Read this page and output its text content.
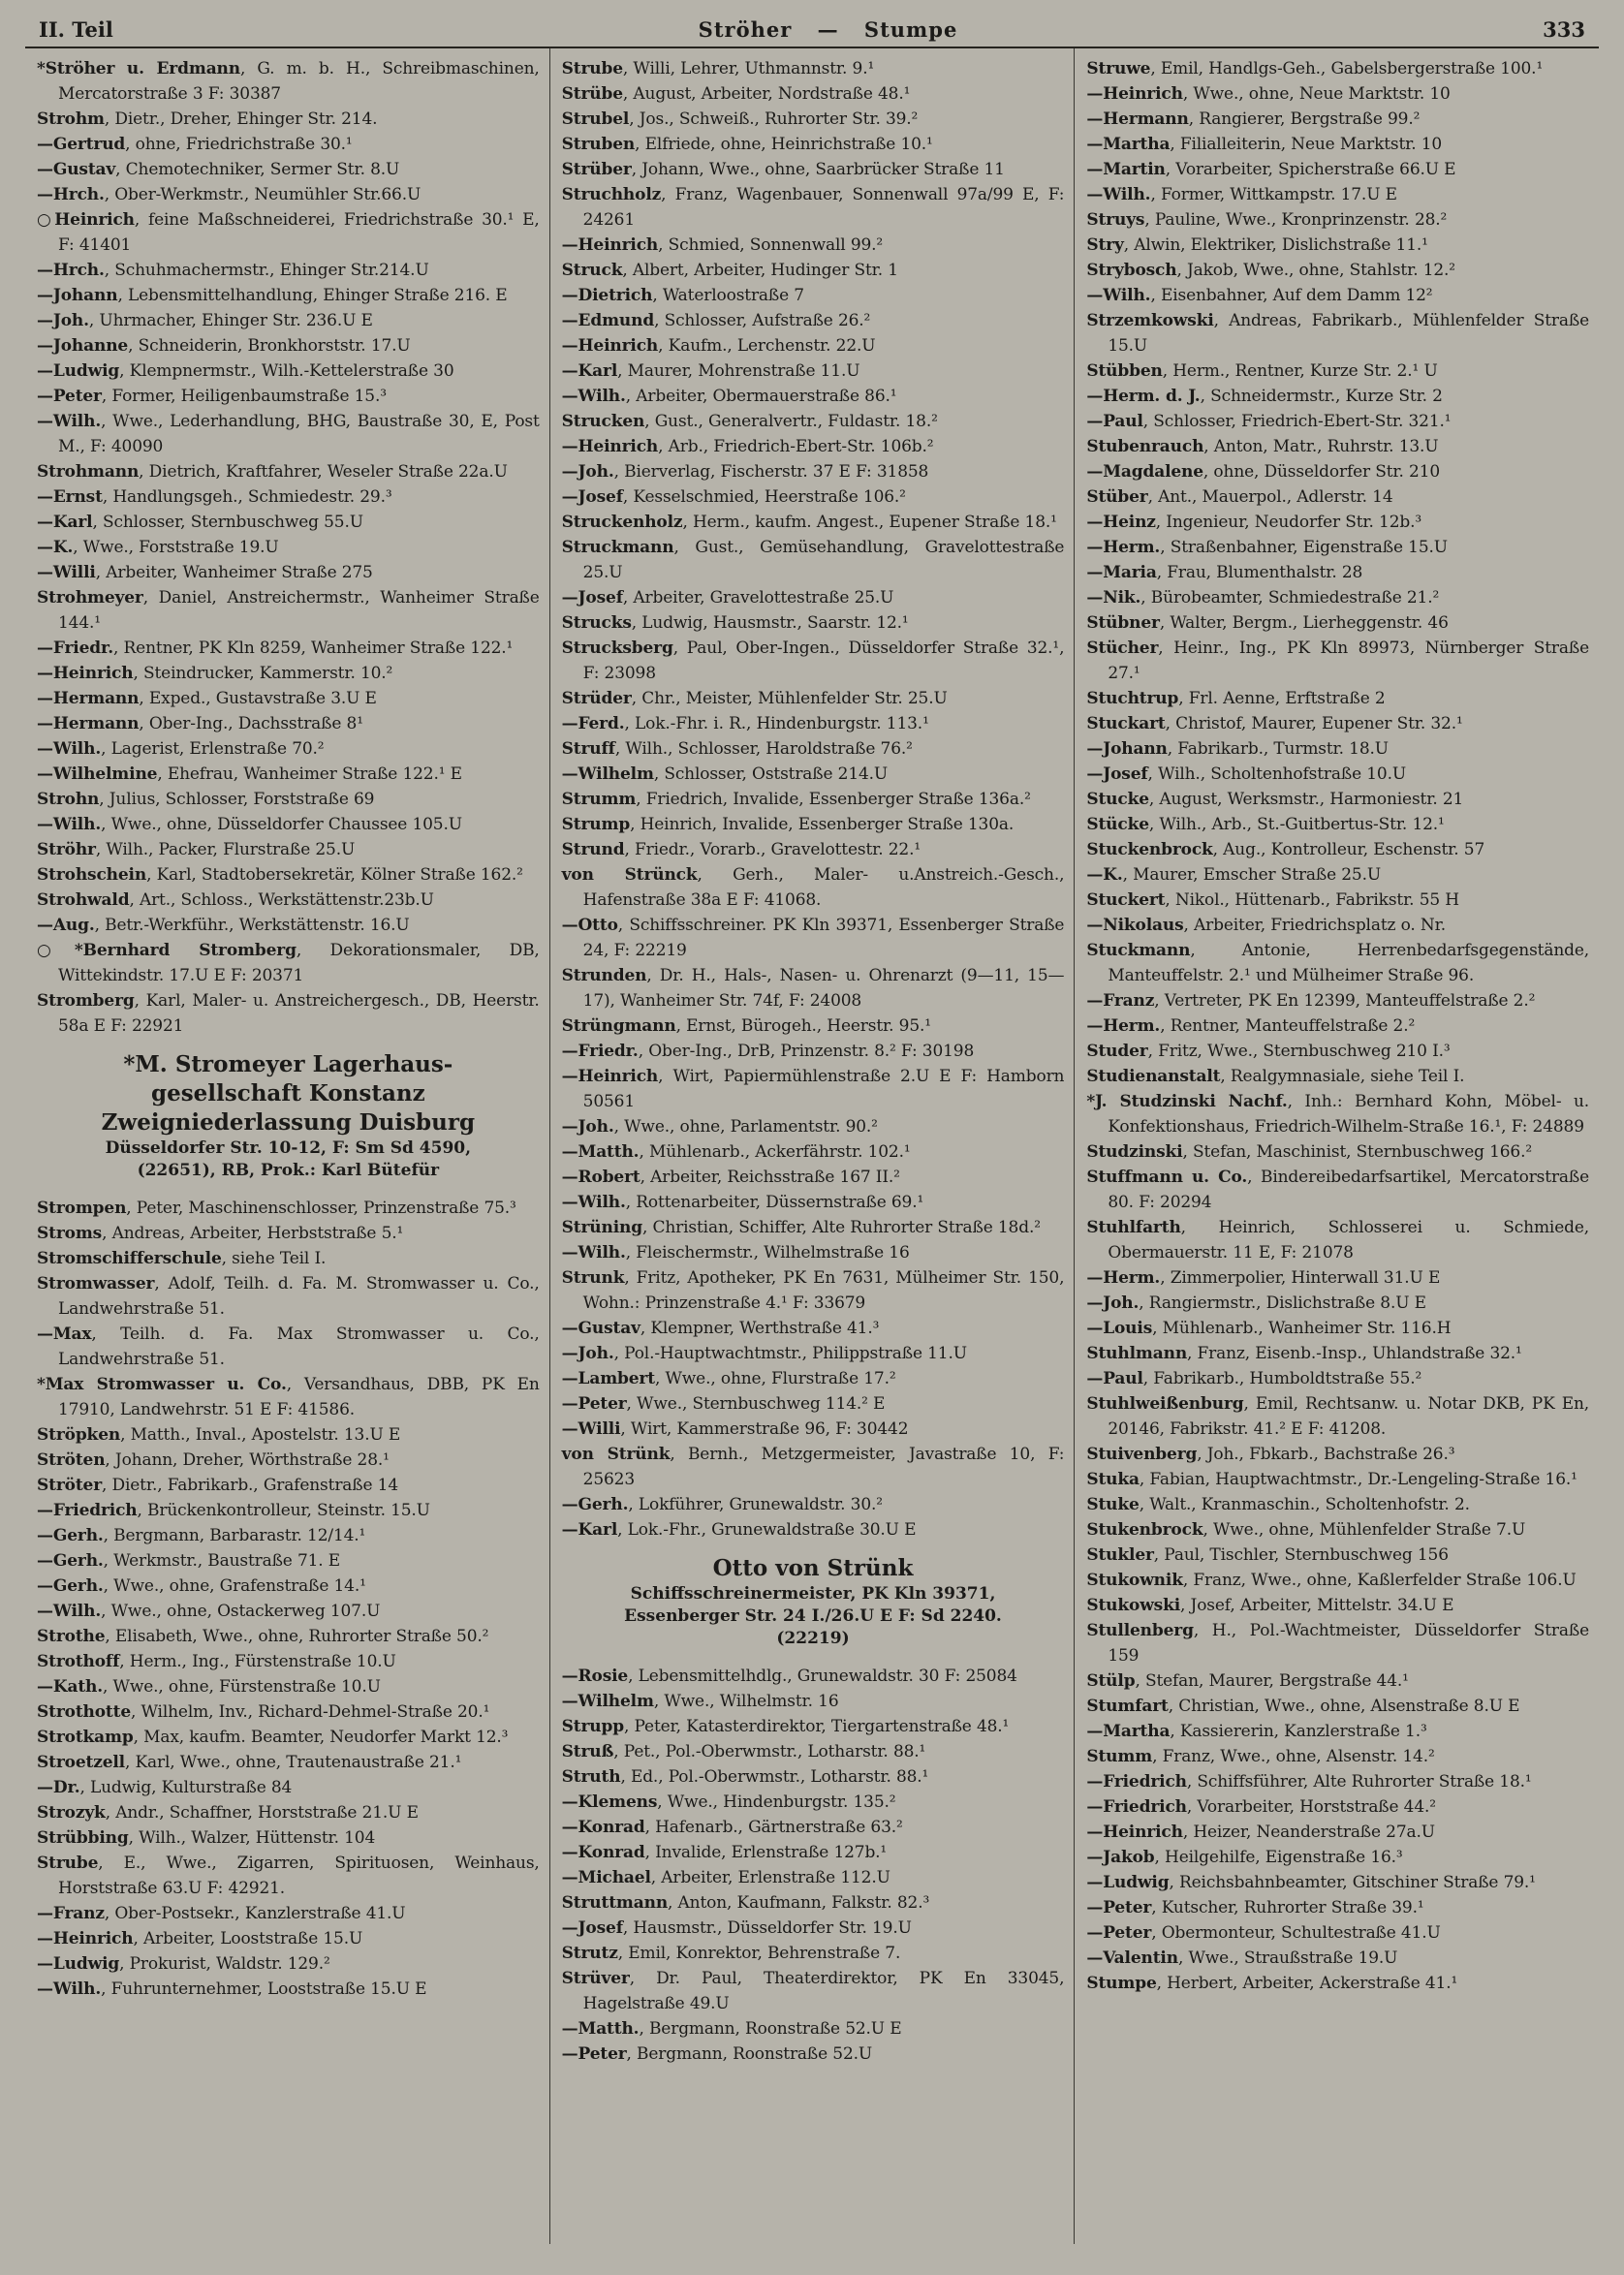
II. Teil	Ströher — Stumpe	333
*Ströher u. Erdmann, G. m. b. H., Schreibmaschinen, Mercatorstraße 3 F: 30387
Strohm, Dietr., Dreher, Ehinger Str. 214.
—Gertrud, ohne, Friedrichstraße 30.¹
—Gustav, Chemotechniker, Sermer Str. 8.U
—Hrch., Ober-Werkmstr., Neumühler Str.66.U
○Heinrich, feine Maßschneiderei, Friedrichstraße 30.¹ E, F: 41401
—Hrch., Schuhmachermstr., Ehinger Str.214.U
—Johann, Lebensmittelhandlung, Ehinger Straße 216. E
—Joh., Uhrmacher, Ehinger Str. 236.U E
—Johanne, Schneiderin, Bronkhorststr. 17.U
—Ludwig, Klempnermstr., Wilh.-Kettelerstraße 30
—Peter, Former, Heiligenbaumstraße 15.³
—Wilh., Wwe., Lederhandlung, BHG, Baustraße 30, E, Post M., F: 40090
Strohmann, Dietrich, Kraftfahrer, Weseler Straße 22a.U
—Ernst, Handlungsgeh., Schmiedestr. 29.³
—Karl, Schlosser, Sternbuschweg 55.U
—K., Wwe., Forststraße 19.U
—Willi, Arbeiter, Wanheimer Straße 275
Strohmeyer, Daniel, Anstreichermstr., Wanheimer Straße 144.¹
—Friedr., Rentner, PK Kln 8259, Wanheimer Straße 122.¹
—Heinrich, Steindrucker, Kammerstr. 10.²
—Hermann, Exped., Gustavstraße 3.U E
—Hermann, Ober-Ing., Dachsstraße 8¹
—Wilh., Lagerist, Erlenstraße 70.²
—Wilhelmine, Ehefrau, Wanheimer Straße 122.¹ E
Strohn, Julius, Schlosser, Forststraße 69
—Wilh., Wwe., ohne, Düsseldorfer Chaussee 105.U
Ströhr, Wilh., Packer, Flurstraße 25.U
Strohschein, Karl, Stadtobersekretär, Kölner Straße 162.²
Strohwald, Art., Schloss., Werkstättenstr.23b.U
—Aug., Betr.-Werkführ., Werkstättenstr. 16.U
○*Bernhard Stromberg, Dekorationsmaler, DB, Wittekindstr. 17.U E F: 20371
Stromberg, Karl, Maler- u. Anstreichergesch., DB, Heerstr. 58a E F: 22921
*M. Stromeyer Lagerhaus-
gesellschaft Konstanz
Zweigniederlassung Duisburg
Düsseldorfer Str. 10-12, F: Sm Sd 4590,
(22651), RB, Prok.: Karl Bütefür
Strompen, Peter, Maschinenschlosser, Prinzenstraße 75.³
Stroms, Andreas, Arbeiter, Herbststraße 5.¹
Stromschifferschule, siehe Teil I.
Stromwasser, Adolf, Teilh. d. Fa. M. Stromwasser u. Co., Landwehrstraße 51.
—Max, Teilh. d. Fa. Max Stromwasser u. Co., Landwehrstraße 51.
*Max Stromwasser u. Co., Versandhaus, DBB, PK En 17910, Landwehrstr. 51 E F: 41586.
Ströpken, Matth., Inval., Apostelstr. 13.U E
Ströten, Johann, Dreher, Wörthstraße 28.¹
Ströter, Dietr., Fabrikarb., Grafenstraße 14
—Friedrich, Brückenkontrolleur, Steinstr. 15.U
—Gerh., Bergmann, Barbarastr. 12/14.¹
—Gerh., Werkmstr., Baustraße 71. E
—Gerh., Wwe., ohne, Grafenstraße 14.¹
—Wilh., Wwe., ohne, Ostackerweg 107.U
Strothe, Elisabeth, Wwe., ohne, Ruhrorter Straße 50.²
Strothoff, Herm., Ing., Fürstenstraße 10.U
—Kath., Wwe., ohne, Fürstenstraße 10.U
Strothotte, Wilhelm, Inv., Richard-Dehmel-Straße 20.¹
Strotkamp, Max, kaufm. Beamter, Neudorfer Markt 12.³
Stroetzell, Karl, Wwe., ohne, Trautenaustraße 21.¹
—Dr., Ludwig, Kulturstraße 84
Strozyk, Andr., Schaffner, Horststraße 21.U E
Strübbing, Wilh., Walzer, Hüttenstr. 104
Strube, E., Wwe., Zigarren, Spirituosen, Weinhaus, Horststraße 63.U F: 42921.
—Franz, Ober-Postsekr., Kanzlerstraße 41.U
—Heinrich, Arbeiter, Looststraße 15.U
—Ludwig, Prokurist, Waldstr. 129.²
—Wilh., Fuhrunternehmer, Looststraße 15.U E
Strube, Willi, Lehrer, Uthmannstr. 9.¹
Strübe, August, Arbeiter, Nordstraße 48.¹
Strubel, Jos., Schweiß., Ruhrorter Str. 39.²
Struben, Elfriede, ohne, Heinrichstraße 10.¹
Strüber, Johann, Wwe., ohne, Saarbrücker Straße 11
Struchholz, Franz, Wagenbauer, Sonnenwall 97a/99 E, F: 24261
—Heinrich, Schmied, Sonnenwall 99.²
Struck, Albert, Arbeiter, Hudinger Str. 1
—Dietrich, Waterloostraße 7
—Edmund, Schlosser, Aufstraße 26.²
—Heinrich, Kaufm., Lerchenstr. 22.U
—Karl, Maurer, Mohrenstraße 11.U
—Wilh., Arbeiter, Obermauerstraße 86.¹
Strucken, Gust., Generalvertr., Fuldastr. 18.²
—Heinrich, Arb., Friedrich-Ebert-Str. 106b.²
—Joh., Bierverlag, Fischerstr. 37 E F: 31858
—Josef, Kesselschmied, Heerstraße 106.²
Struckenholz, Herm., kaufm. Angest., Eupener Straße 18.¹
Struckmann, Gust., Gemüsehandlung, Gravelottestraße 25.U
—Josef, Arbeiter, Gravelottestraße 25.U
Strucks, Ludwig, Hausmstr., Saarstr. 12.¹
Strucksberg, Paul, Ober-Ingen., Düsseldorfer Straße 32.¹, F: 23098
Strüder, Chr., Meister, Mühlenfelder Str. 25.U
—Ferd., Lok.-Fhr. i. R., Hindenburgstr. 113.¹
Struff, Wilh., Schlosser, Haroldstraße 76.²
—Wilhelm, Schlosser, Oststraße 214.U
Strumm, Friedrich, Invalide, Essenberger Straße 136a.²
Strump, Heinrich, Invalide, Essenberger Straße 130a.
Strund, Friedr., Vorarb., Gravelottestr. 22.¹
von Strünck, Gerh., Maler- u.Anstreich.-Gesch., Hafenstraße 38a E F: 41068.
—Otto, Schiffsschreiner. PK Kln 39371, Essenberger Straße 24, F: 22219
Strunden, Dr. H., Hals-, Nasen- u. Ohrenarzt (9—11, 15—17), Wanheimer Str. 74f, F: 24008
Strüngmann, Ernst, Bürogeh., Heerstr. 95.¹
—Friedr., Ober-Ing., DrB, Prinzenstr. 8.² F: 30198
—Heinrich, Wirt, Papiermühlenstraße 2.U E F: Hamborn 50561
—Joh., Wwe., ohne, Parlamentstr. 90.²
—Matth., Mühlenarb., Ackerfährstr. 102.¹
—Robert, Arbeiter, Reichsstraße 167 II.²
—Wilh., Rottenarbeiter, Düssernstraße 69.¹
Strüning, Christian, Schiffer, Alte Ruhrorter Straße 18d.²
—Wilh., Fleischermstr., Wilhelmstraße 16
Strunk, Fritz, Apotheker, PK En 7631, Mülheimer Str. 150, Wohn.: Prinzenstraße 4.¹ F: 33679
—Gustav, Klempner, Werthstraße 41.³
—Joh., Pol.-Hauptwachtmstr., Philippstraße 11.U
—Lambert, Wwe., ohne, Flurstraße 17.²
—Peter, Wwe., Sternbuschweg 114.² E
—Willi, Wirt, Kammerstraße 96, F: 30442
von Strünk, Bernh., Metzgermeister, Javastraße 10, F: 25623
—Gerh., Lokführer, Grunewaldstr. 30.²
—Karl, Lok.-Fhr., Grunewaldstraße 30.U E
Otto von Strünk
Schiffsschreinermeister, PK Kln 39371,
Essenberger Str. 24 I./26.U E F: Sd 2240.
(22219)
—Rosie, Lebensmittelhdlg., Grunewaldstr. 30 F: 25084
—Wilhelm, Wwe., Wilhelmstr. 16
Strupp, Peter, Katasterdirektor, Tiergartenstraße 48.¹
Struß, Pet., Pol.-Oberwmstr., Lotharstr. 88.¹
Struth, Ed., Pol.-Oberwmstr., Lotharstr. 88.¹
—Klemens, Wwe., Hindenburgstr. 135.²
—Konrad, Hafenarb., Gärtnerstraße 63.²
—Konrad, Invalide, Erlenstraße 127b.¹
—Michael, Arbeiter, Erlenstraße 112.U
Struttmann, Anton, Kaufmann, Falkstr. 82.³
—Josef, Hausmstr., Düsseldorfer Str. 19.U
Strutz, Emil, Konrektor, Behrenstraße 7.
Strüver, Dr. Paul, Theaterdirektor, PK En 33045, Hagelstraße 49.U
—Matth., Bergmann, Roonstraße 52.U E
—Peter, Bergmann, Roonstraße 52.U
Struwe, Emil, Handlgs-Geh., Gabelsbergerstraße 100.¹
—Heinrich, Wwe., ohne, Neue Marktstr. 10
—Hermann, Rangierer, Bergstraße 99.²
—Martha, Filialleiterin, Neue Marktstr. 10
—Martin, Vorarbeiter, Spicherstraße 66.U E
—Wilh., Former, Wittkampstr. 17.U E
Struys, Pauline, Wwe., Kronprinzenstr. 28.²
Stry, Alwin, Elektriker, Dislichstraße 11.¹
Strybosch, Jakob, Wwe., ohne, Stahlstr. 12.²
—Wilh., Eisenbahner, Auf dem Damm 12²
Strzemkowski, Andreas, Fabrikarb., Mühlenfelder Straße 15.U
Stübben, Herm., Rentner, Kurze Str. 2.¹ U
—Herm. d. J., Schneidermstr., Kurze Str. 2
—Paul, Schlosser, Friedrich-Ebert-Str. 321.¹
Stubenrauch, Anton, Matr., Ruhrstr. 13.U
—Magdalene, ohne, Düsseldorfer Str. 210
Stüber, Ant., Mauerpol., Adlerstr. 14
—Heinz, Ingenieur, Neudorfer Str. 12b.³
—Herm., Straßenbahner, Eigenstraße 15.U
—Maria, Frau, Blumenthalstr. 28
—Nik., Bürobeamter, Schmiedestraße 21.²
Stübner, Walter, Bergm., Lierheggenstr. 46
Stücher, Heinr., Ing., PK Kln 89973, Nürnberger Straße 27.¹
Stuchtrup, Frl. Aenne, Erftstraße 2
Stuckart, Christof, Maurer, Eupener Str. 32.¹
—Johann, Fabrikarb., Turmstr. 18.U
—Josef, Wilh., Scholtenhofstraße 10.U
Stucke, August, Werksmstr., Harmoniestr. 21
Stücke, Wilh., Arb., St.-Guitbertus-Str. 12.¹
Stuckenbrock, Aug., Kontrolleur, Eschenstr. 57
—K., Maurer, Emscher Straße 25.U
Stuckert, Nikol., Hüttenarb., Fabrikstr. 55 H
—Nikolaus, Arbeiter, Friedrichsplatz o. Nr.
Stuckmann, Antonie, Herrenbedarfsgegenstände, Manteuffelstr. 2.¹ und Mülheimer Straße 96.
—Franz, Vertreter, PK En 12399, Manteuffelstraße 2.²
—Herm., Rentner, Manteuffelstraße 2.²
Studer, Fritz, Wwe., Sternbuschweg 210 I.³
Studienanstalt, Realgymnasiale, siehe Teil I.
*J. Studzinski Nachf., Inh.: Bernhard Kohn, Möbel- u. Konfektionshaus, Friedrich-Wilhelm-Straße 16.¹, F: 24889
Studzinski, Stefan, Maschinist, Sternbuschweg 166.²
Stuffmann u. Co., Bindereibedarfsartikel, Mercatorstraße 80. F: 20294
Stuhlfarth, Heinrich, Schlosserei u. Schmiede, Obermauerstr. 11 E, F: 21078
—Herm., Zimmerpolier, Hinterwall 31.U E
—Joh., Rangiermstr., Dislichstraße 8.U E
—Louis, Mühlenarb., Wanheimer Str. 116.H
Stuhlmann, Franz, Eisenb.-Insp., Uhlandstraße 32.¹
—Paul, Fabrikarb., Humboldtstraße 55.²
Stuhlweißenburg, Emil, Rechtsanw. u. Notar DKB, PK En, 20146, Fabrikstr. 41.² E F: 41208.
Stuivenberg, Joh., Fbkarb., Bachstraße 26.³
Stuka, Fabian, Hauptwachtmstr., Dr.-Lengeling-Straße 16.¹
Stuke, Walt., Kranmaschin., Scholtenhofstr. 2.
Stukenbrock, Wwe., ohne, Mühlenfelder Straße 7.U
Stukler, Paul, Tischler, Sternbuschweg 156
Stukownik, Franz, Wwe., ohne, Kaßlerfelder Straße 106.U
Stukowski, Josef, Arbeiter, Mittelstr. 34.U E
Stullenberg, H., Pol.-Wachtmeister, Düsseldorfer Straße 159
Stülp, Stefan, Maurer, Bergstraße 44.¹
Stumfart, Christian, Wwe., ohne, Alsenstraße 8.U E
—Martha, Kassiererin, Kanzlerstraße 1.³
Stumm, Franz, Wwe., ohne, Alsenstr. 14.²
—Friedrich, Schiffsführer, Alte Ruhrorter Straße 18.¹
—Friedrich, Vorarbeiter, Horststraße 44.²
—Heinrich, Heizer, Neanderstraße 27a.U
—Jakob, Heilgehilfe, Eigenstraße 16.³
—Ludwig, Reichsbahnbeamter, Gitschiner Straße 79.¹
—Peter, Kutscher, Ruhrorter Straße 39.¹
—Peter, Obermonteur, Schultestraße 41.U
—Valentin, Wwe., Straußstraße 19.U
Stumpe, Herbert, Arbeiter, Ackerstraße 41.¹
